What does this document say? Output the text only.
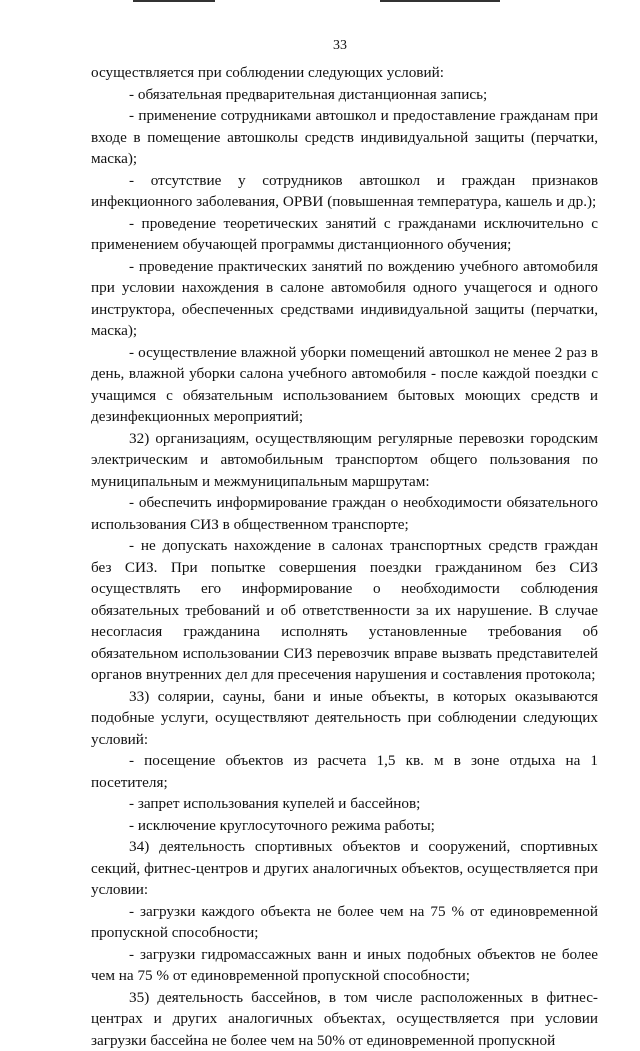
33

осуществляется при соблюдении следующих условий:

- обязательная предварительная дистанционная запись;

- применение сотрудниками автошкол и предоставление гражданам при входе в помещение автошколы средств индивидуальной защиты (перчатки, маска);

- отсутствие у сотрудников автошкол и граждан признаков инфекционного заболевания, ОРВИ (повышенная температура, кашель и др.);

- проведение теоретических занятий с гражданами исключительно с применением обучающей программы дистанционного обучения;

- проведение практических занятий по вождению учебного автомобиля при условии нахождения в салоне автомобиля одного учащегося и одного инструктора, обеспеченных средствами индивидуальной защиты (перчатки, маска);

- осуществление влажной уборки помещений автошкол не менее 2 раз в день, влажной уборки салона учебного автомобиля - после каждой поездки с учащимся с обязательным использованием бытовых моющих средств и дезинфекционных мероприятий;

32) организациям, осуществляющим регулярные перевозки городским электрическим и автомобильным транспортом общего пользования по муниципальным и межмуниципальным маршрутам:

- обеспечить информирование граждан о необходимости обязательного использования СИЗ в общественном транспорте;

- не допускать нахождение в салонах транспортных средств граждан без СИЗ. При попытке совершения поездки гражданином без СИЗ осуществлять его информирование о необходимости соблюдения обязательных требований и об ответственности за их нарушение. В случае несогласия гражданина исполнять установленные требования об обязательном использовании СИЗ перевозчик вправе вызвать представителей органов внутренних дел для пресечения нарушения и составления протокола;

33) солярии, сауны, бани и иные объекты, в которых оказываются подобные услуги, осуществляют деятельность при соблюдении следующих условий:

- посещение объектов из расчета 1,5 кв. м в зоне отдыха на 1 посетителя;

- запрет использования купелей и бассейнов;

- исключение круглосуточного режима работы;

34) деятельность спортивных объектов и сооружений, спортивных секций, фитнес-центров и других аналогичных объектов, осуществляется при условии:

- загрузки каждого объекта не более чем на 75 % от единовременной пропускной способности;

- загрузки гидромассажных ванн и иных подобных объектов не более чем на 75 % от единовременной пропускной способности;

35) деятельность бассейнов, в том числе расположенных в фитнес-центрах и других аналогичных объектах, осуществляется при условии загрузки бассейна не более чем на 50% от единовременной пропускной
